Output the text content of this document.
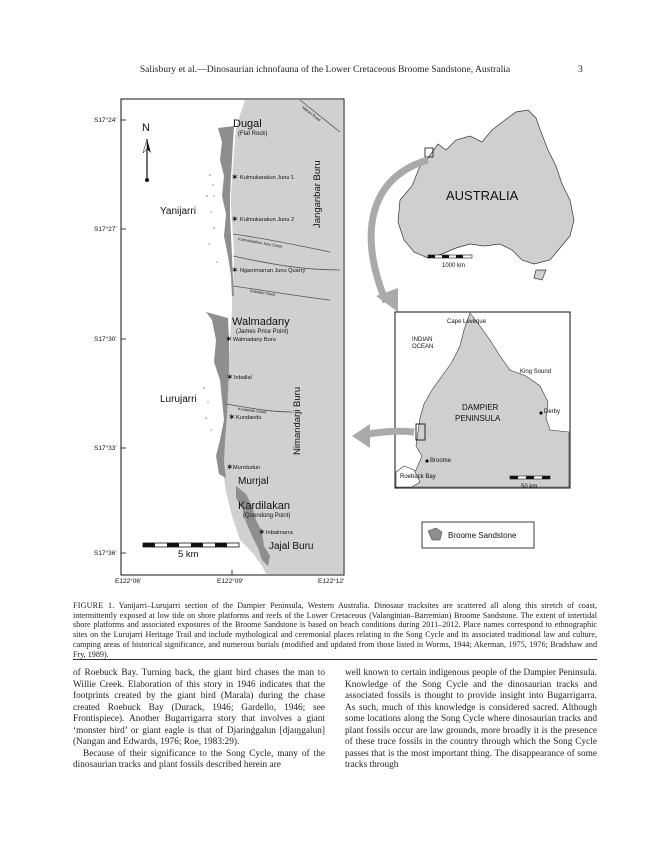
Salisbury et al.—Dinosaurian ichnofauna of the Lower Cretaceous Broome Sandstone, Australia	3
✶
✶
✶
✶
✶
✶
✶
✶
S17°24'
S17°27'
S17°30'
S17°33'
S17°36'
E122°06'	E122°09'	E122°12'
N	Dugal
(Flat Rock)
Yanijarri
Walmadany
(James Price Point)
Lurujarri
Murrjal
Kardilakan
(Quondong Point)
Jajal Buru
Janganbar Buru
Nimandarji Buru
Kulmukarakun Junu 1
Kulmukarakun Junu 2
Ngarrimarran Junu Quarry
Walmadany Buru
Inballal
Kundandu
Murrdudun
Inbalmarra
Kulmukarakun Junu Creek
Bubrabu Creek
Kundandu Creek
Manari Road
5 km
AUSTRALIA
1000 km
INDIAN
OCEAN
Cape Leveque
King Sound
DAMPIER
PENINSULA
Derby
Broome
Roebuck Bay
50 km
Broome Sandstone
FIGURE 1. Yanijarri–Lurujarri section of the Dampier Peninsula, Western Australia. Dinosaur tracksites are scattered all along this stretch of coast, intermittently exposed at low tide on shore platforms and reefs of the Lower Cretaceous (Valanginian–Barremian) Broome Sandstone. The extent of intertidal shore platforms and associated exposures of the Broome Sandstone is based on beach conditions during 2011–2012. Place names correspond to ethnographic sites on the Lurujarri Heritage Trail and include mythological and ceremonial places relating to the Song Cycle and its associated traditional law and culture, camping areas of historical significance, and numerous burials (modified and updated from those listed in Worms, 1944; Akerman, 1975, 1976; Bradshaw and Fry, 1989).

of Roebuck Bay. Turning back, the giant bird chases the man to Willie Creek. Elaboration of this story in 1946 indicates that the footprints created by the giant bird (Marala) during the chase created Roebuck Bay (Durack, 1946; Gardello, 1946; see Frontispiece). Another Bugarrigarra story that involves a giant ‘monster bird’ or giant eagle is that of Djarinǵgalun [djaɪŋgalun] (Nangan and Edwards, 1976; Roe, 1983:29).

Because of their significance to the Song Cycle, many of the dinosaurian tracks and plant fossils described herein are

well known to certain indigenous people of the Dampier Peninsula. Knowledge of the Song Cycle and the dinosaurian tracks and associated fossils is thought to provide insight into Bugarrigarra. As such, much of this knowledge is considered sacred. Although some locations along the Song Cycle where dinosaurian tracks and plant fossils occur are law grounds, more broadly it is the presence of these trace fossils in the country through which the Song Cycle passes that is the most important thing. The disappearance of some tracks through
